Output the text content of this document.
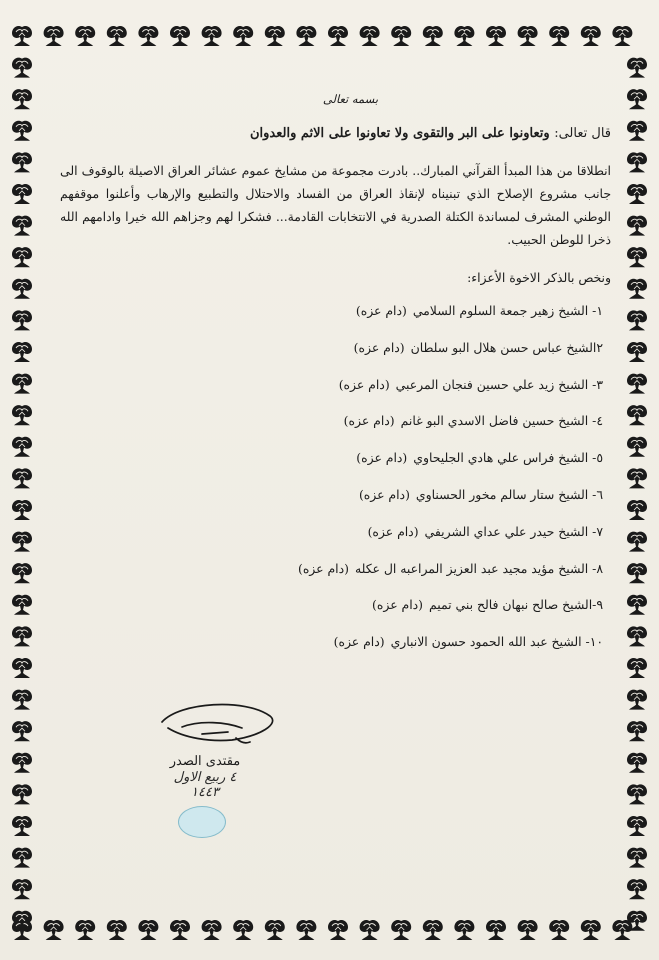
بسمه تعالى
قال تعالى: وتعاونوا على البر والتقوى ولا تعاونوا على الاثم والعدوان

انطلاقا من هذا المبدأ القرآني المبارك.. بادرت مجموعة من مشايخ عموم عشائر العراق الاصيلة بالوقوف الى جانب مشروع الإصلاح الذي تبنيناه لإنقاذ العراق من الفساد والاحتلال والتطبيع والإرهاب وأعلنوا موقفهم الوطني المشرف لمساندة الكتلة الصدرية في الانتخابات القادمة... فشكرا لهم وجزاهم الله خيرا وادامهم الله ذخرا للوطن الحبيب.

ونخص بالذكر الاخوة الأعزاء:
١- الشيخ زهير جمعة السلوم السلامي(دام عزه)
٢الشيخ عباس حسن هلال البو سلطان(دام عزه)
٣- الشيخ زيد علي حسين فنجان المرعبي(دام عزه)
٤- الشيخ حسين فاضل الاسدي البو غانم(دام عزه)
٥- الشيخ فراس علي هادي الجليحاوي(دام عزه)
٦- الشيخ ستار سالم مخور الحسناوي(دام عزه)
٧- الشيخ حيدر علي عداي الشريفي(دام عزه)
٨- الشيخ مؤيد مجيد عبد العزيز المراعبه ال عكله(دام عزه)
٩-الشيخ صالح نبهان فالح بني تميم(دام عزه)
١٠- الشيخ عبد الله الحمود حسون الانباري(دام عزه)
مقتدى الصدر
٤ ربيع الاول
١٤٤٣
